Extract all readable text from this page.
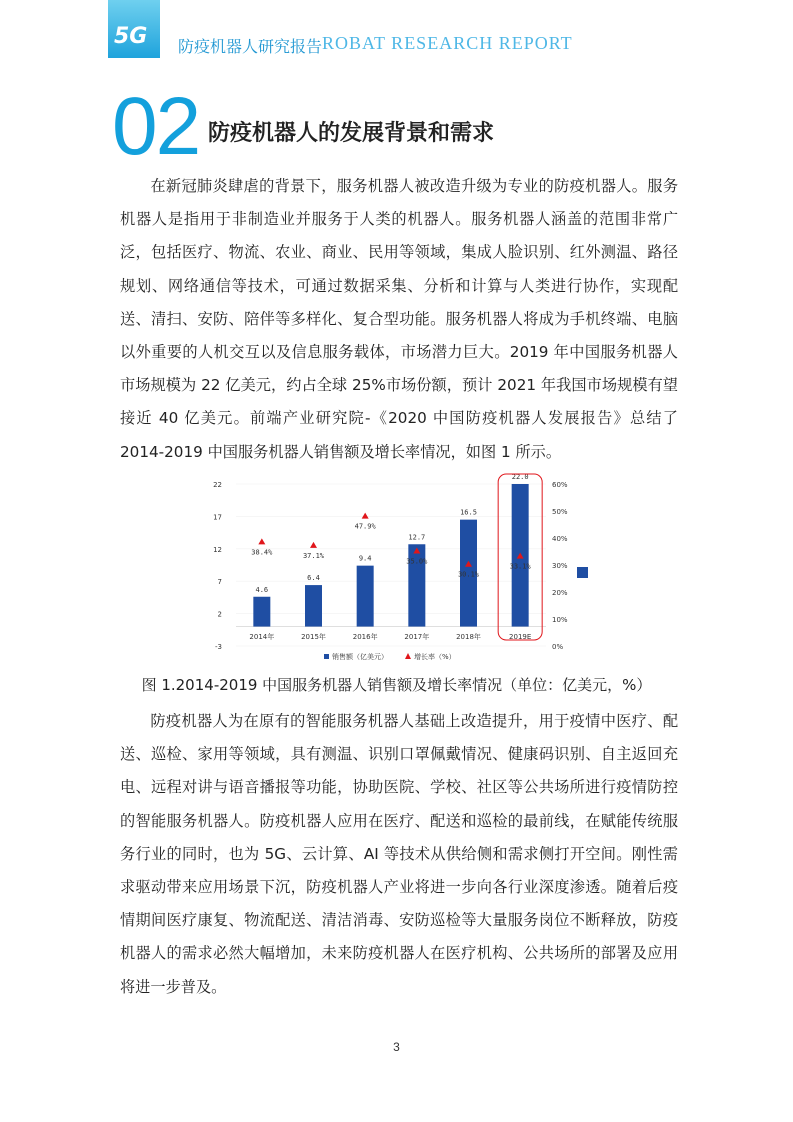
5G 防疫机器人研究报告 ROBAT RESEARCH REPORT
02 防疫机器人的发展背景和需求

在新冠肺炎肆虐的背景下，服务机器人被改造升级为专业的防疫机器人。服务机器人是指用于非制造业并服务于人类的机器人。服务机器人涵盖的范围非常广泛，包括医疗、物流、农业、商业、民用等领域，集成人脸识别、红外测温、路径规划、网络通信等技术，可通过数据采集、分析和计算与人类进行协作，实现配送、清扫、安防、陪伴等多样化、复合型功能。服务机器人将成为手机终端、电脑以外重要的人机交互以及信息服务载体，市场潜力巨大。2019 年中国服务机器人市场规模为 22 亿美元，约占全球 25%市场份额，预计 2021 年我国市场规模有望接近 40 亿美元。前端产业研究院-《2020 中国防疫机器人发展报告》总结了 2014-2019 中国服务机器人销售额及增长率情况，如图 1 所示。

22
17
12
7
2
-3
60%
50%
40%
30%
20%
10%
0%
2014年
4.6
38.4%
2015年
6.4
37.1%
2016年
9.4
47.9%
2017年
12.7
35.0%
2018年
16.5
30.1%
2019E
22.0
33.1%
销售额（亿美元）	增长率（%）
图 1.2014-2019 中国服务机器人销售额及增长率情况（单位：亿美元，%）

防疫机器人为在原有的智能服务机器人基础上改造提升，用于疫情中医疗、配送、巡检、家用等领域，具有测温、识别口罩佩戴情况、健康码识别、自主返回充电、远程对讲与语音播报等功能，协助医院、学校、社区等公共场所进行疫情防控的智能服务机器人。防疫机器人应用在医疗、配送和巡检的最前线，在赋能传统服务行业的同时，也为 5G、云计算、AI 等技术从供给侧和需求侧打开空间。刚性需求驱动带来应用场景下沉，防疫机器人产业将进一步向各行业深度渗透。随着后疫情期间医疗康复、物流配送、清洁消毒、安防巡检等大量服务岗位不断释放，防疫机器人的需求必然大幅增加，未来防疫机器人在医疗机构、公共场所的部署及应用将进一步普及。

3
